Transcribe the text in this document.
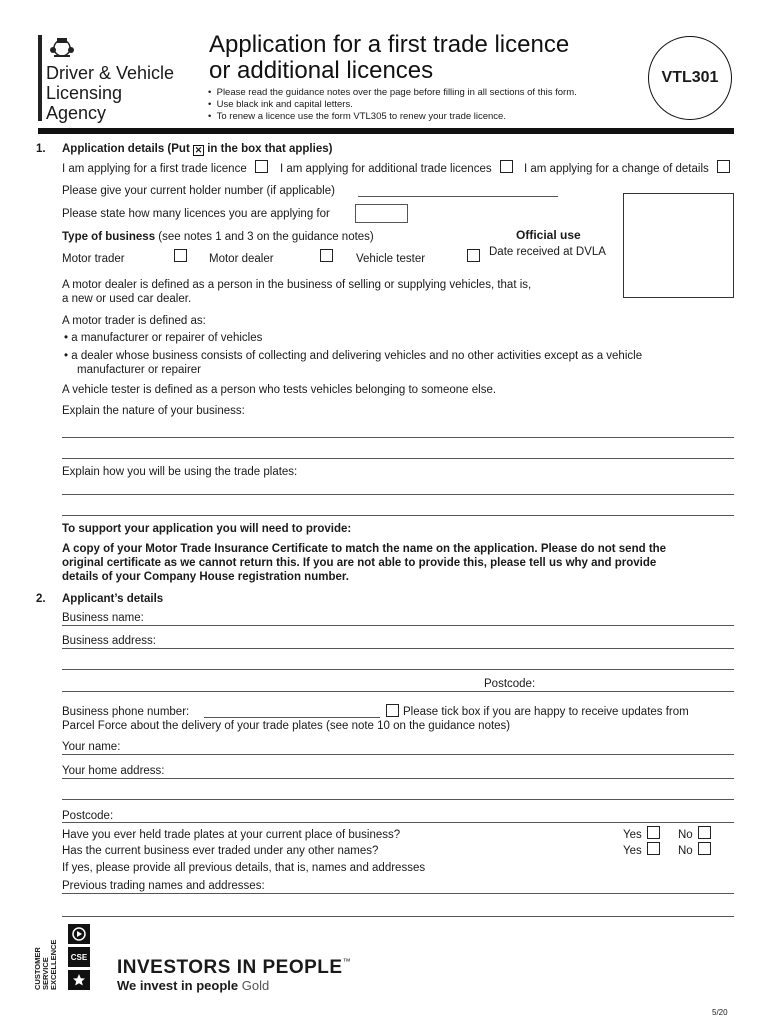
Driver & Vehicle
Licensing
Agency
Application for a first trade licence
or additional licences
•  Please read the guidance notes over the page before filling in all sections of this form.
•  Use black ink and capital letters.
•  To renew a licence use the form VTL305 to renew your trade licence.
VTL301
1. Application details (Put ✕ in the box that applies)
I am applying for a first trade licence	I am applying for additional trade licences	I am applying for a change of details
Please give your current holder number (if applicable)
Please state how many licences you are applying for
Type of business (see notes 1 and 3 on the guidance notes)	Official use
Motor trader	Motor dealer	Vehicle tester
Date received at DVLA
A motor dealer is defined as a person in the business of selling or supplying vehicles, that is,
a new or used car dealer.
A motor trader is defined as:
• a manufacturer or repairer of vehicles
• a dealer whose business consists of collecting and delivering vehicles and no other activities except as a vehicle
manufacturer or repairer
A vehicle tester is defined as a person who tests vehicles belonging to someone else.
Explain the nature of your business:
Explain how you will be using the trade plates:
To support your application you will need to provide:
A copy of your Motor Trade Insurance Certificate to match the name on the application. Please do not send the
original certificate as we cannot return this. If you are not able to provide this, please tell us why and provide
details of your Company House registration number.
2. Applicant’s details
Business name:
Business address:
Postcode:
Business phone number:	Please tick box if you are happy to receive updates from
Parcel Force about the delivery of your trade plates (see note 10 on the guidance notes)
Your name:
Your home address:
Postcode:
Have you ever held trade plates at your current place of business?	Yes	No
Has the current business ever traded under any other names?	Yes	No
If yes, please provide all previous details, that is, names and addresses
Previous trading names and addresses:
CUSTOMER SERVICE EXCELLENCE	CSE INVESTORS IN PEOPLE™
We invest in people Gold
5/20
